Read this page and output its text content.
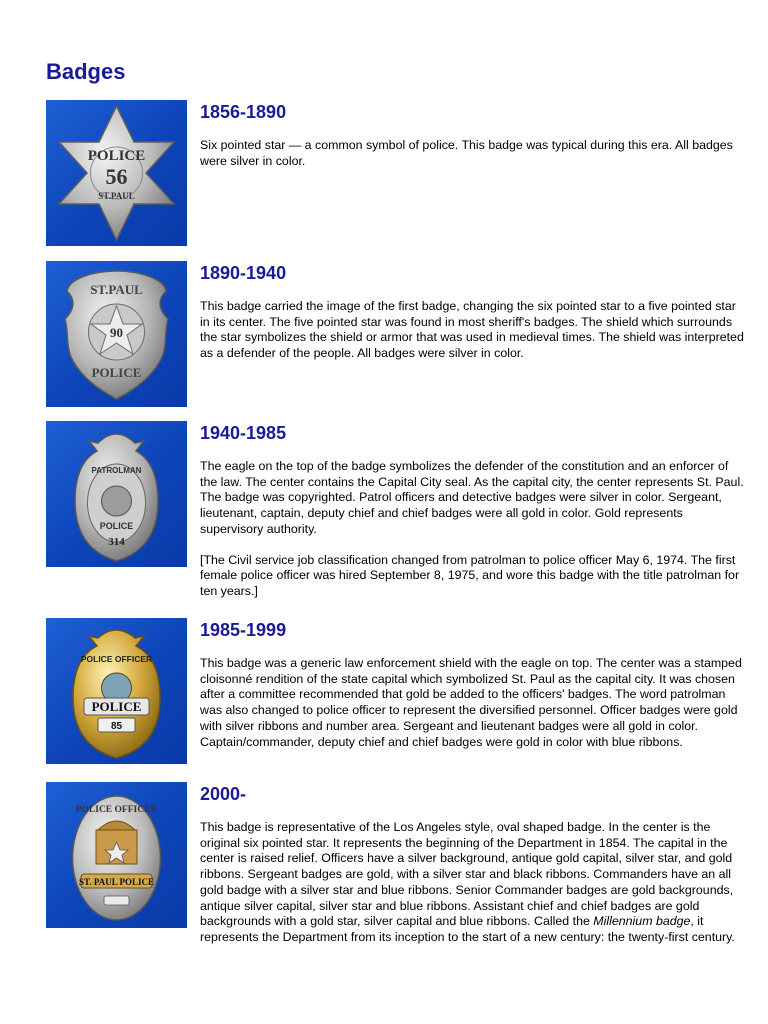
Badges
POLICE
56
ST.PAUL
1856-1890

Six pointed star — a common symbol of police. This badge was typical during this era. All badges were silver in color.

ST.PAUL
90
POLICE
1890-1940

This badge carried the image of the first badge, changing the six pointed star to a five pointed star in its center. The five pointed star was found in most sheriff's badges. The shield which surrounds the star symbolizes the shield or armor that was used in medieval times. The shield was interpreted as a defender of the people. All badges were silver in color.

PATROLMAN
POLICE
314
1940-1985

The eagle on the top of the badge symbolizes the defender of the constitution and an enforcer of the law. The center contains the Capital City seal. As the capital city, the center represents St. Paul. The badge was copyrighted. Patrol officers and detective badges were silver in color. Sergeant, lieutenant, captain, deputy chief and chief badges were all gold in color. Gold represents supervisory authority.

[The Civil service job classification changed from patrolman to police officer May 6, 1974. The first female police officer was hired September 8, 1975, and wore this badge with the title patrolman for ten years.]

POLICE OFFICER
POLICE
85
1985-1999

This badge was a generic law enforcement shield with the eagle on top. The center was a stamped cloisonné rendition of the state capital which symbolized St. Paul as the capital city. It was chosen after a committee recommended that gold be added to the officers' badges. The word patrolman was also changed to police officer to represent the diversified personnel. Officer badges were gold with silver ribbons and number area. Sergeant and lieutenant badges were all gold in color. Captain/commander, deputy chief and chief badges were gold in color with blue ribbons.

POLICE OFFICER
ST. PAUL POLICE
2000-

This badge is representative of the Los Angeles style, oval shaped badge. In the center is the original six pointed star. It represents the beginning of the Department in 1854. The capital in the center is raised relief. Officers have a silver background, antique gold capital, silver star, and gold ribbons. Sergeant badges are gold, with a silver star and black ribbons. Commanders have an all gold badge with a silver star and blue ribbons. Senior Commander badges are gold backgrounds, antique silver capital, silver star and blue ribbons. Assistant chief and chief badges are gold backgrounds with a gold star, silver capital and blue ribbons. Called the Millennium badge, it represents the Department from its inception to the start of a new century: the twenty-first century.
